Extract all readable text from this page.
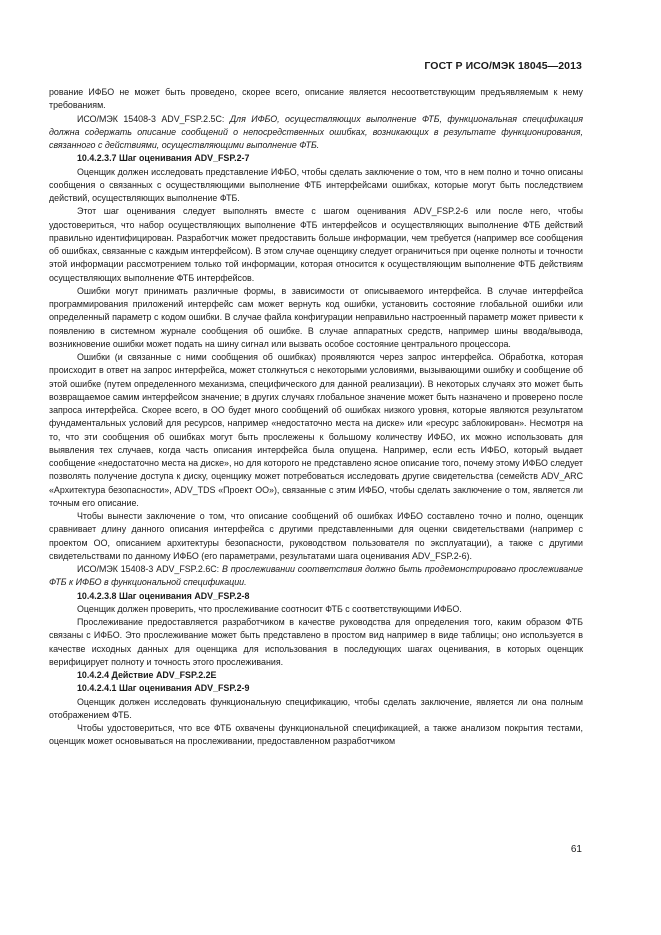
ГОСТ Р ИСО/МЭК 18045—2013

рование ИФБО не может быть проведено, скорее всего, описание является несоответствующим предъявляемым к нему требованиям.

ИСО/МЭК 15408-3 ADV_FSP.2.5C: Для ИФБО, осуществляющих выполнение ФТБ, функциональная спецификация должна содержать описание сообщений о непосредственных ошибках, возникающих в результате функционирования, связанного с действиями, осуществляющими выполнение ФТБ.

10.4.2.3.7 Шаг оценивания ADV_FSP.2-7

Оценщик должен исследовать представление ИФБО, чтобы сделать заключение о том, что в нем полно и точно описаны сообщения о связанных с осуществляющими выполнение ФТБ интерфейсами ошибках, которые могут быть последствием действий, осуществляющих выполнение ФТБ.

Этот шаг оценивания следует выполнять вместе с шагом оценивания ADV_FSP.2-6 или после него, чтобы удостовериться, что набор осуществляющих выполнение ФТБ интерфейсов и осуществляющих выполнение ФТБ действий правильно идентифицирован. Разработчик может предоставить больше информации, чем требуется (например все сообщения об ошибках, связанные с каждым интерфейсом). В этом случае оценщику следует ограничиться при оценке полноты и точности этой информации рассмотрением только той информации, которая относится к осуществляющим выполнение ФТБ действиям осуществляющих выполнение ФТБ интерфейсов.

Ошибки могут принимать различные формы, в зависимости от описываемого интерфейса. В случае интерфейса программирования приложений интерфейс сам может вернуть код ошибки, установить состояние глобальной ошибки или определенный параметр с кодом ошибки. В случае файла конфигурации неправильно настроенный параметр может привести к появлению в системном журнале сообщения об ошибке. В случае аппаратных средств, например шины ввода/вывода, возникновение ошибки может подать на шину сигнал или вызвать особое состояние центрального процессора.

Ошибки (и связанные с ними сообщения об ошибках) проявляются через запрос интерфейса. Обработка, которая происходит в ответ на запрос интерфейса, может столкнуться с некоторыми условиями, вызывающими ошибку и сообщение об этой ошибке (путем определенного механизма, специфического для данной реализации). В некоторых случаях это может быть возвращаемое самим интерфейсом значение; в других случаях глобальное значение может быть назначено и проверено после запроса интерфейса. Скорее всего, в ОО будет много сообщений об ошибках низкого уровня, которые являются результатом фундаментальных условий для ресурсов, например «недостаточно места на диске» или «ресурс заблокирован». Несмотря на то, что эти сообщения об ошибках могут быть прослежены к большому количеству ИФБО, их можно использовать для выявления тех случаев, когда часть описания интерфейса была опущена. Например, если есть ИФБО, который выдает сообщение «недостаточно места на диске», но для которого не представлено ясное описание того, почему этому ИФБО следует позволять получение доступа к диску, оценщику может потребоваться исследовать другие свидетельства (семейств ADV_ARC «Архитектура безопасности», ADV_TDS «Проект ОО»), связанные с этим ИФБО, чтобы сделать заключение о том, является ли точным его описание.

Чтобы вынести заключение о том, что описание сообщений об ошибках ИФБО составлено точно и полно, оценщик сравнивает длину данного описания интерфейса с другими представленными для оценки свидетельствами (например с проектом ОО, описанием архитектуры безопасности, руководством пользователя по эксплуатации), а также с другими свидетельствами по данному ИФБО (его параметрами, результатами шага оценивания ADV_FSP.2-6).

ИСО/МЭК 15408-3 ADV_FSP.2.6C: В прослеживании соответствия должно быть продемонстрировано прослеживание ФТБ к ИФБО в функциональной спецификации.

10.4.2.3.8 Шаг оценивания ADV_FSP.2-8

Оценщик должен проверить, что прослеживание соотносит ФТБ с соответствующими ИФБО.

Прослеживание предоставляется разработчиком в качестве руководства для определения того, каким образом ФТБ связаны с ИФБО. Это прослеживание может быть представлено в простом вид например в виде таблицы; оно используется в качестве исходных данных для оценщика для использования в последующих шагах оценивания, в которых оценщик верифицирует полноту и точность этого прослеживания.

10.4.2.4 Действие ADV_FSP.2.2E

10.4.2.4.1 Шаг оценивания ADV_FSP.2-9

Оценщик должен исследовать функциональную спецификацию, чтобы сделать заключение, является ли она полным отображением ФТБ.

Чтобы удостовериться, что все ФТБ охвачены функциональной спецификацией, а также анализом покрытия тестами, оценщик может основываться на прослеживании, предоставленном разработчиком

61
